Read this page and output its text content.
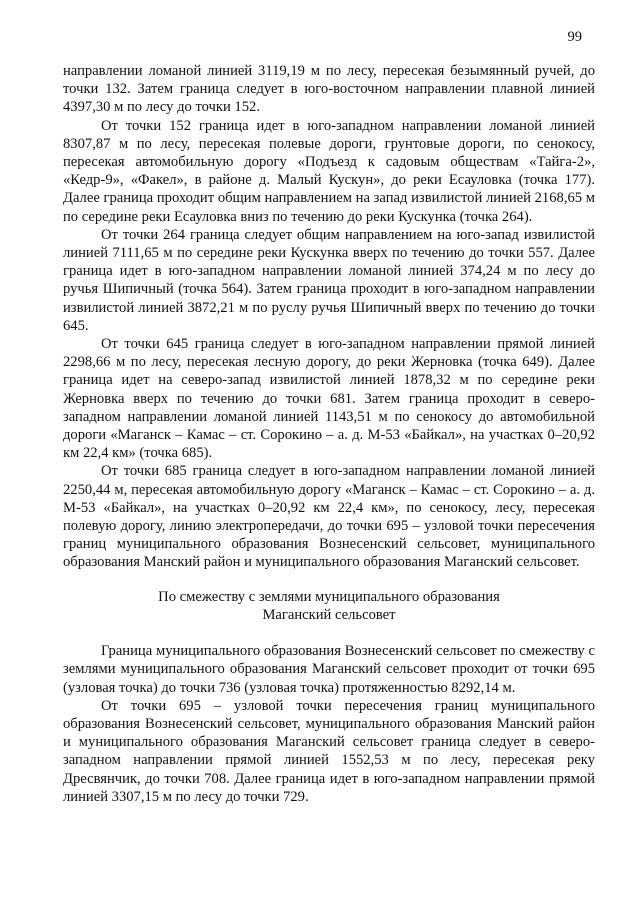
99

направлении ломаной линией 3119,19 м по лесу, пересекая безымянный ручей, до точки 132. Затем граница следует в юго-восточном направлении плавной линией 4397,30 м по лесу до точки 152.

От точки 152 граница идет в юго-западном направлении ломаной линией 8307,87 м по лесу, пересекая полевые дороги, грунтовые дороги, по сенокосу, пересекая автомобильную дорогу «Подъезд к садовым обществам «Тайга-2», «Кедр-9», «Факел», в районе д. Малый Кускун», до реки Есауловка (точка 177). Далее граница проходит общим направлением на запад извилистой линией 2168,65 м по середине реки Есауловка вниз по течению до реки Кускунка (точка 264).

От точки 264 граница следует общим направлением на юго-запад извилистой линией 7111,65 м по середине реки Кускунка вверх по течению до точки 557. Далее граница идет в юго-западном направлении ломаной линией 374,24 м по лесу до ручья Шипичный (точка 564). Затем граница проходит в юго-западном направлении извилистой линией 3872,21 м по руслу ручья Шипичный вверх по течению до точки 645.

От точки 645 граница следует в юго-западном направлении прямой линией 2298,66 м по лесу, пересекая лесную дорогу, до реки Жерновка (точка 649). Далее граница идет на северо-запад извилистой линией 1878,32 м по середине реки Жерновка вверх по течению до точки 681. Затем граница проходит в северо-западном направлении ломаной линией 1143,51 м по сенокосу до автомобильной дороги «Маганск – Камас – ст. Сорокино – а. д. М-53 «Байкал», на участках 0–20,92 км 22,4 км» (точка 685).

От точки 685 граница следует в юго-западном направлении ломаной линией 2250,44 м, пересекая автомобильную дорогу «Маганск – Камас – ст. Сорокино – а. д. М-53 «Байкал», на участках 0–20,92 км 22,4 км», по сенокосу, лесу, пересекая полевую дорогу, линию электропередачи, до точки 695 – узловой точки пересечения границ муниципального образования Вознесенский сельсовет, муниципального образования Манский район и муниципального образования Маганский сельсовет.

По смежеству с землями муниципального образования
Маганский сельсовет

Граница муниципального образования Вознесенский сельсовет по смежеству с землями муниципального образования Маганский сельсовет проходит от точки 695 (узловая точка) до точки 736 (узловая точка) протяженностью 8292,14 м.

От точки 695 – узловой точки пересечения границ муниципального образования Вознесенский сельсовет, муниципального образования Манский район и муниципального образования Маганский сельсовет граница следует в северо-западном направлении прямой линией 1552,53 м по лесу, пересекая реку Дресвянчик, до точки 708. Далее граница идет в юго-западном направлении прямой линией 3307,15 м по лесу до точки 729.
